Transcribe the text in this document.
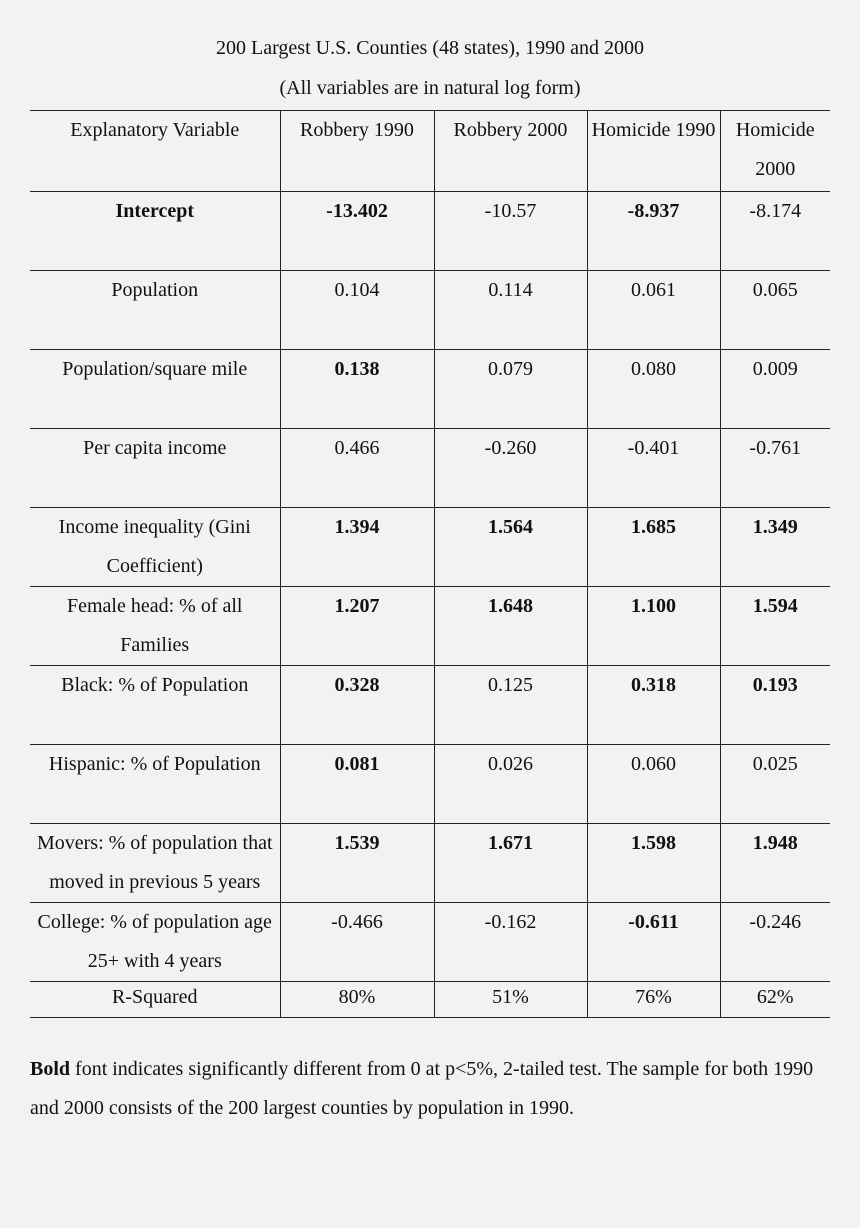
200 Largest U.S. Counties (48 states), 1990 and 2000
(All variables are in natural log form)
Explanatory Variable	Robbery 1990	Robbery 2000	Homicide 1990	Homicide 2000
Intercept	-13.402	-10.57	-8.937	-8.174
Population	0.104	0.114	0.061	0.065
Population/square mile	0.138	0.079	0.080	0.009
Per capita income	0.466	-0.260	-0.401	-0.761
Income inequality (Gini Coefficient)	1.394	1.564	1.685	1.349
Female head: % of all Families	1.207	1.648	1.100	1.594
Black: % of Population	0.328	0.125	0.318	0.193
Hispanic: % of Population	0.081	0.026	0.060	0.025
Movers: % of population that moved in previous 5 years	1.539	1.671	1.598	1.948
College: % of population age 25+ with 4 years	-0.466	-0.162	-0.611	-0.246
R-Squared	80%	51%	76%	62%
Bold font indicates significantly different from 0 at p<5%, 2-tailed test. The sample for both 1990 and 2000 consists of the 200 largest counties by population in 1990.
